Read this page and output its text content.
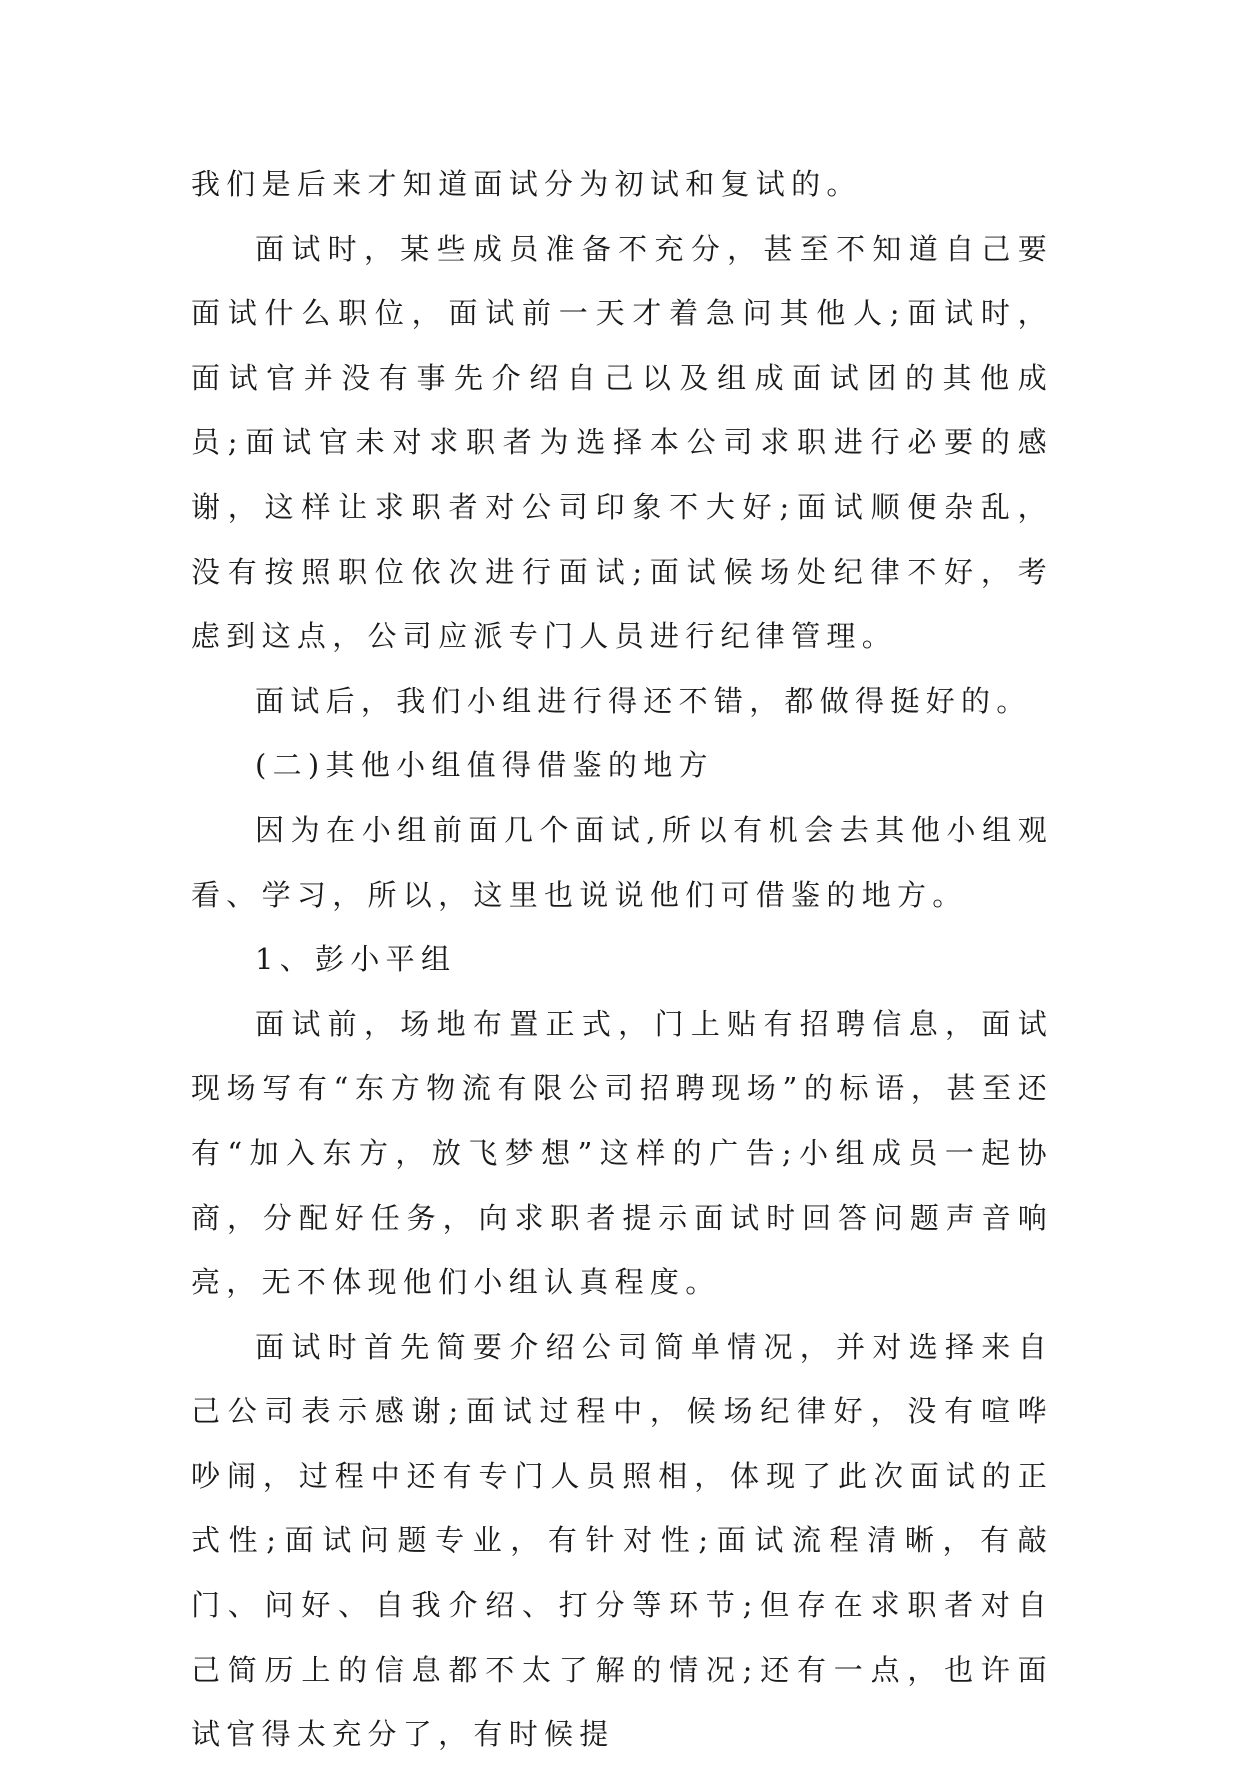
我们是后来才知道面试分为初试和复试的。

面试时，某些成员准备不充分，甚至不知道自己要面试什么职位，面试前一天才着急问其他人;面试时，面试官并没有事先介绍自己以及组成面试团的其他成员;面试官未对求职者为选择本公司求职进行必要的感谢，这样让求职者对公司印象不大好;面试顺便杂乱，没有按照职位依次进行面试;面试候场处纪律不好，考虑到这点，公司应派专门人员进行纪律管理。

面试后，我们小组进行得还不错，都做得挺好的。

(二)其他小组值得借鉴的地方

因为在小组前面几个面试,所以有机会去其他小组观看、学习，所以，这里也说说他们可借鉴的地方。

1、彭小平组

面试前，场地布置正式，门上贴有招聘信息，面试现场写有“东方物流有限公司招聘现场”的标语，甚至还有“加入东方，放飞梦想”这样的广告;小组成员一起协商，分配好任务，向求职者提示面试时回答问题声音响亮，无不体现他们小组认真程度。

面试时首先简要介绍公司简单情况，并对选择来自己公司表示感谢;面试过程中，候场纪律好，没有喧哗吵闹，过程中还有专门人员照相，体现了此次面试的正式性;面试问题专业，有针对性;面试流程清晰，有敲门、问好、自我介绍、打分等环节;但存在求职者对自己简历上的信息都不太了解的情况;还有一点，也许面试官得太充分了，有时候提
